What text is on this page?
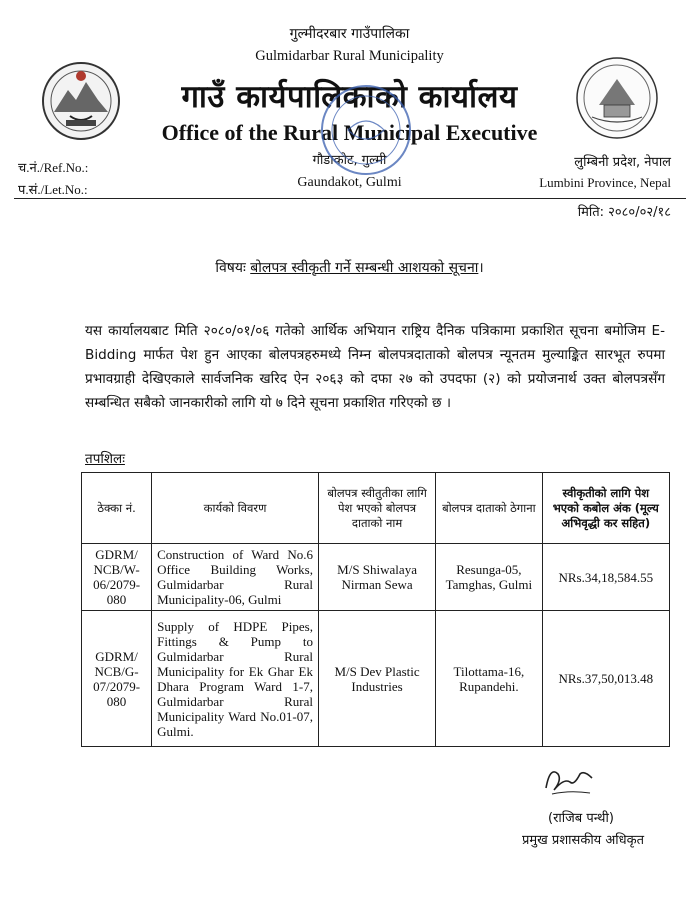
गुल्मीदरबार गाउँपालिका
Gulmidarbar Rural Municipality
गाउँ कार्यपालिकाको कार्यालय
Office of the Rural Municipal Executive
गौडाकोट, गुल्मी
Gaundakot, Gulmi
च.नं./Ref.No.:
प.सं./Let.No.:
लुम्बिनी प्रदेश, नेपाल
Lumbini Province, Nepal
मिति: २०८०/०२/१८
विषयः बोलपत्र स्वीकृती गर्ने सम्बन्धी आशयको सूचना।
यस कार्यालयबाट मिति २०८०/०१/०६ गतेको आर्थिक अभियान राष्ट्रिय दैनिक पत्रिकामा प्रकाशित सूचना बमोजिम E-Bidding मार्फत पेश हुन आएका बोलपत्रहरुमध्ये निम्न बोलपत्रदाताको बोलपत्र न्यूनतम मुल्याङ्कित सारभूत रुपमा प्रभावग्राही देखिएकाले सार्वजनिक खरिद ऐन २०६३ को दफा २७ को उपदफा (२) को प्रयोजनार्थ उक्त बोलपत्रसँग सम्बन्धित सबैको जानकारीको लागि यो ७ दिने सूचना प्रकाशित गरिएको छ ।
तपशिलः
ठेक्का नं.	कार्यको विवरण	बोलपत्र स्वीतुतीका लागि पेश भएको बोलपत्र दाताको नाम	बोलपत्र दाताको ठेगाना	स्वीकृतीको लागि पेश भएको कबोल अंक (मूल्य अभिवृद्धी कर सहित)
GDRM/ NCB/W- 06/2079- 080	Construction of Ward No.6 Office Building Works, Gulmidarbar Rural Municipality-06, Gulmi	M/S Shiwalaya Nirman Sewa	Resunga-05, Tamghas, Gulmi	NRs.34,18,584.55
GDRM/ NCB/G- 07/2079- 080	Supply of HDPE Pipes, Fittings & Pump to Gulmidarbar Rural Municipality for Ek Ghar Ek Dhara Program Ward 1-7, Gulmidarbar Rural Municipality Ward No.01-07, Gulmi.	M/S Dev Plastic Industries	Tilottama-16, Rupandehi.	NRs.37,50,013.48
(राजिब पन्थी)
प्रमुख प्रशासकीय अधिकृत
